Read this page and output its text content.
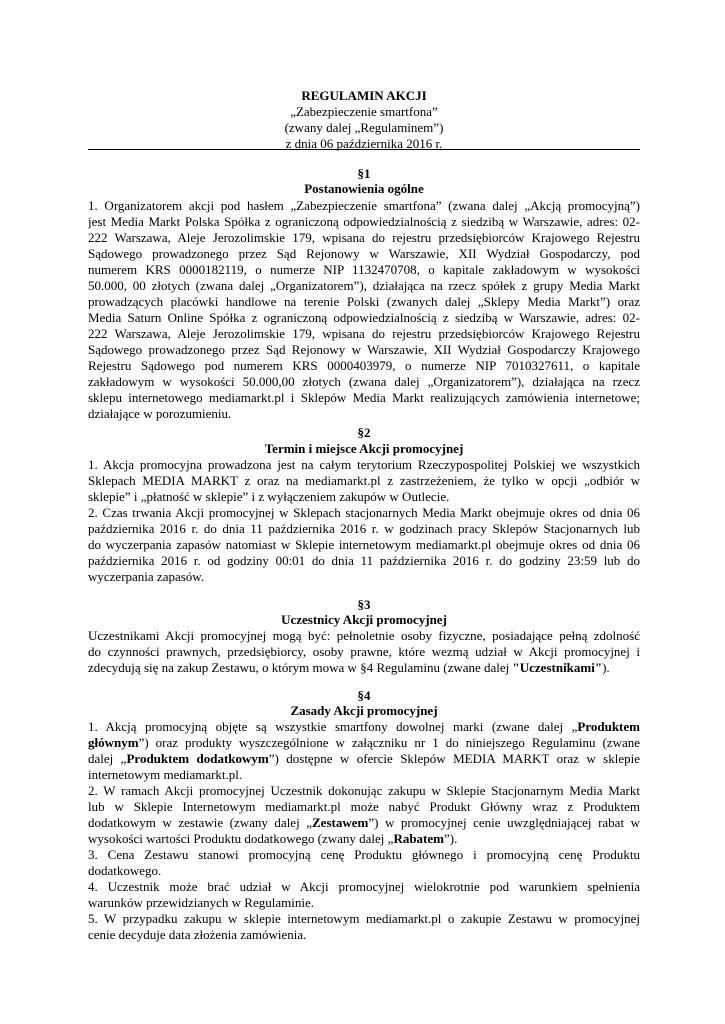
REGULAMIN AKCJI
„Zabezpieczenie smartfona”
(zwany dalej „Regulaminem”)
z dnia 06 października 2016 r.
§1
Postanowienia ogólne
1. Organizatorem akcji pod hasłem „Zabezpieczenie smartfona” (zwana dalej „Akcją promocyjną”)
jest Media Markt Polska Spółka z ograniczoną odpowiedzialnością z siedzibą w Warszawie, adres: 02-
222 Warszawa, Aleje Jerozolimskie 179, wpisana do rejestru przedsiębiorców Krajowego Rejestru
Sądowego prowadzonego przez Sąd Rejonowy w Warszawie, XII Wydział Gospodarczy, pod
numerem KRS 0000182119, o numerze NIP 1132470708, o kapitale zakładowym w wysokości
50.000, 00 złotych (zwana dalej „Organizatorem”), działająca na rzecz spółek z grupy Media Markt
prowadzących placówki handlowe na terenie Polski (zwanych dalej „Sklepy Media Markt”) oraz
Media Saturn Online Spółka z ograniczoną odpowiedzialnością z siedzibą w Warszawie, adres: 02-
222 Warszawa, Aleje Jerozolimskie 179, wpisana do rejestru przedsiębiorców Krajowego Rejestru
Sądowego prowadzonego przez Sąd Rejonowy w Warszawie, XII Wydział Gospodarczy Krajowego
Rejestru Sądowego pod numerem KRS 0000403979, o numerze NIP 7010327611, o kapitale
zakładowym w wysokości 50.000,00 złotych (zwana dalej „Organizatorem”), działająca na rzecz
sklepu internetowego mediamarkt.pl i Sklepów Media Markt realizujących zamówienia internetowe;
działające w porozumieniu.
§2
Termin i miejsce Akcji promocyjnej
1. Akcja promocyjna prowadzona jest na całym terytorium Rzeczypospolitej Polskiej we wszystkich
Sklepach MEDIA MARKT z oraz na mediamarkt.pl z zastrzeżeniem, że tylko w opcji „odbiór w
sklepie” i „płatność w sklepie” i z wyłączeniem zakupów w Outlecie.
2. Czas trwania Akcji promocyjnej w Sklepach stacjonarnych Media Markt obejmuje okres od dnia 06
października 2016 r. do dnia 11 października 2016 r. w godzinach pracy Sklepów Stacjonarnych lub
do wyczerpania zapasów natomiast w Sklepie internetowym mediamarkt.pl obejmuje okres od dnia 06
października 2016 r. od godziny 00:01 do dnia 11 października 2016 r. do godziny 23:59 lub do
wyczerpania zapasów.
§3
Uczestnicy Akcji promocyjnej
Uczestnikami Akcji promocyjnej mogą być: pełnoletnie osoby fizyczne, posiadające pełną zdolność
do czynności prawnych, przedsiębiorcy, osoby prawne, które wezmą udział w Akcji promocyjnej i
zdecydują się na zakup Zestawu, o którym mowa w §4 Regulaminu (zwane dalej "Uczestnikami").
§4
Zasady Akcji promocyjnej
1. Akcją promocyjną objęte są wszystkie smartfony dowolnej marki (zwane dalej „Produktem
głównym”) oraz produkty wyszczególnione w załączniku nr 1 do niniejszego Regulaminu (zwane
dalej „Produktem dodatkowym”) dostępne w ofercie Sklepów MEDIA MARKT oraz w sklepie
internetowym mediamarkt.pl.
2. W ramach Akcji promocyjnej Uczestnik dokonując zakupu w Sklepie Stacjonarnym Media Markt
lub w Sklepie Internetowym mediamarkt.pl może nabyć Produkt Główny wraz z Produktem
dodatkowym w zestawie (zwany dalej „Zestawem”) w promocyjnej cenie uwzględniającej rabat w
wysokości wartości Produktu dodatkowego (zwany dalej „Rabatem”).
3. Cena Zestawu stanowi promocyjną cenę Produktu głównego i promocyjną cenę Produktu
dodatkowego.
4. Uczestnik może brać udział w Akcji promocyjnej wielokrotnie pod warunkiem spełnienia
warunków przewidzianych w Regulaminie.
5. W przypadku zakupu w sklepie internetowym mediamarkt.pl o zakupie Zestawu w promocyjnej
cenie decyduje data złożenia zamówienia.
